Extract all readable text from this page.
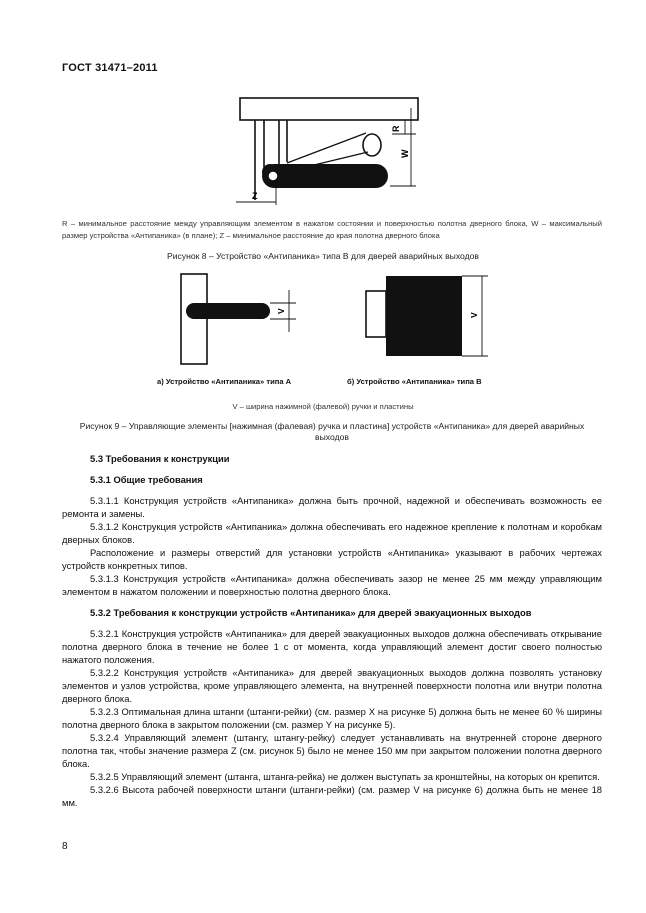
ГОСТ 31471–2011
R
W
Z
R – минимальное расстояние между управляющим элементом в нажатом состоянии и поверхностью полотна дверного блока, W – максимальный размер устройства «Антипаника» (в плане); Z – минимальное расстояние до края полотна дверного блока
Рисунок 8 – Устройство «Антипаника» типа В для дверей аварийных выходов
V
V
а) Устройство «Антипаника» типа А	б) Устройство «Антипаника» типа В
V – ширина нажимной (фалевой) ручки и пластины
Рисунок 9 – Управляющие элементы [нажимная (фалевая) ручка и пластина] устройств «Антипаника» для дверей аварийных выходов

5.3 Требования к конструкции

5.3.1 Общие требования

5.3.1.1 Конструкция устройств «Антипаника» должна быть прочной, надежной и обеспечивать возможность ее ремонта и замены.

5.3.1.2 Конструкция устройств «Антипаника» должна обеспечивать его надежное крепление к полотнам и коробкам дверных блоков.

Расположение и размеры отверстий для установки устройств «Антипаника» указывают в рабочих чертежах устройств конкретных типов.

5.3.1.3 Конструкция устройств «Антипаника» должна обеспечивать зазор не менее 25 мм между управляющим элементом в нажатом положении и поверхностью полотна дверного блока.

5.3.2 Требования к конструкции устройств «Антипаника» для дверей эвакуационных выходов

5.3.2.1 Конструкция устройств «Антипаника» для дверей эвакуационных выходов должна обеспечивать открывание полотна дверного блока в течение не более 1 с от момента, когда управляющий элемент достиг своего полностью нажатого положения.

5.3.2.2 Конструкция устройств «Антипаника» для дверей эвакуационных выходов должна позволять установку элементов и узлов устройства, кроме управляющего элемента, на внутренней поверхности полотна или внутри полотна дверного блока.

5.3.2.3 Оптимальная длина штанги (штанги-рейки) (см. размер X на рисунке 5) должна быть не менее 60 % ширины полотна дверного блока в закрытом положении (см. размер Y на рисунке 5).

5.3.2.4 Управляющий элемент (штангу, штангу-рейку) следует устанавливать на внутренней стороне дверного полотна так, чтобы значение размера Z (см. рисунок 5) было не менее 150 мм при закрытом положении полотна дверного блока.

5.3.2.5 Управляющий элемент (штанга, штанга-рейка) не должен выступать за кронштейны, на которых он крепится.

5.3.2.6 Высота рабочей поверхности штанги (штанги-рейки) (см. размер V на рисунке 6) должна быть не менее 18 мм.

8
